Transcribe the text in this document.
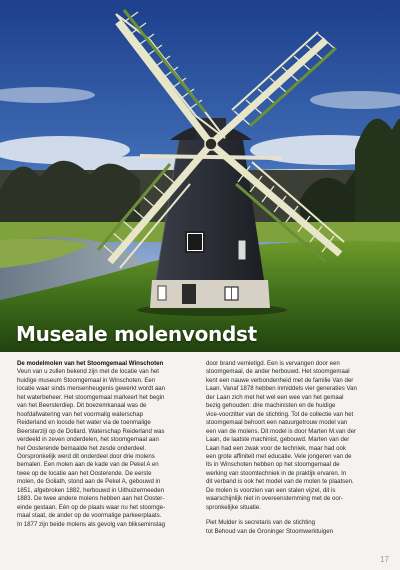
Museale molenvondst

De modelmolen van het Stoomgemaal Winschoten

Veun van u zullen bekend zijn met de locatie van het

huidige museum Stoomgemaal in Winschoten. Een

locatie waar sinds mensenheugenis gewerkt wordt aan

het waterbeheer. Het stoomgemaal markeert het begin

van het Beersterdiep. Dit boezemkanaal was de

hoofdafwatering van het voormalig waterschap

Reiderland en loosde het water via de toenmalige

Beersterzijl op de Dollard. Waterschap Reiderland was

verdeeld in zeven onderdelen, het stoomgemaal aan

het Oosterende bemaalde het zesde onderdeel.

Oorspronkelijk werd dit onderdeel door drie molens

bemalen. Een molen aan de kade van de Pekel A en

twee op de locatie aan het Oosterende. De eerste

molen, de Goliath, stond aan de Pekel A, gebouwd in

1851, afgebroken 1882, herbouwd in Uithuizermeeden

1883. De twee andere molens hebben aan het Ooster-

einde gestaan. Eén op de plaats waar nu het stoomge-

maal staat, de ander op de voormalige parkeerplaats.

In 1877 zijn beide molens als gevolg van blikseminslag

door brand vernietigd. Een is vervangen door een

stoomgemaal, de ander herbouwd. Het stoomgemaal

kent een nauwe verbondenheid met de familie Van der

Laan. Vanaf 1878 hebben inmiddels vier generaties Van

der Laan zich met het wel een wee van het gemaal

bezig gehouden: drie machinisten en de huidige

vice-voorzitter van de stichting. Tot de collectie van het

stoomgemaal behoort een natuurgetrouw model van

een van de molens. Dit model is door Marten M.van der

Laan, de laatste machinist, gebouwd. Marten van der

Laan had een zwak voor de techniek, maar had ook

een grote affiniteit met educatie. Vele jongeren van de

lts in Winschoten hebben op het stoomgemaal de

werking van stoomtechniek in de praktijk ervaren. In

dit verband is ook het model van de molen te plaatsen.

De molen is voorzien van een stalen vijzel, dit is

waarschijnlijk niet in overeenstemming met de oor-

spronkelijke situatie.

Piet Mulder is secretaris van de stichting

tot Behoud van de Groninger Stoomwerktuigen

17
